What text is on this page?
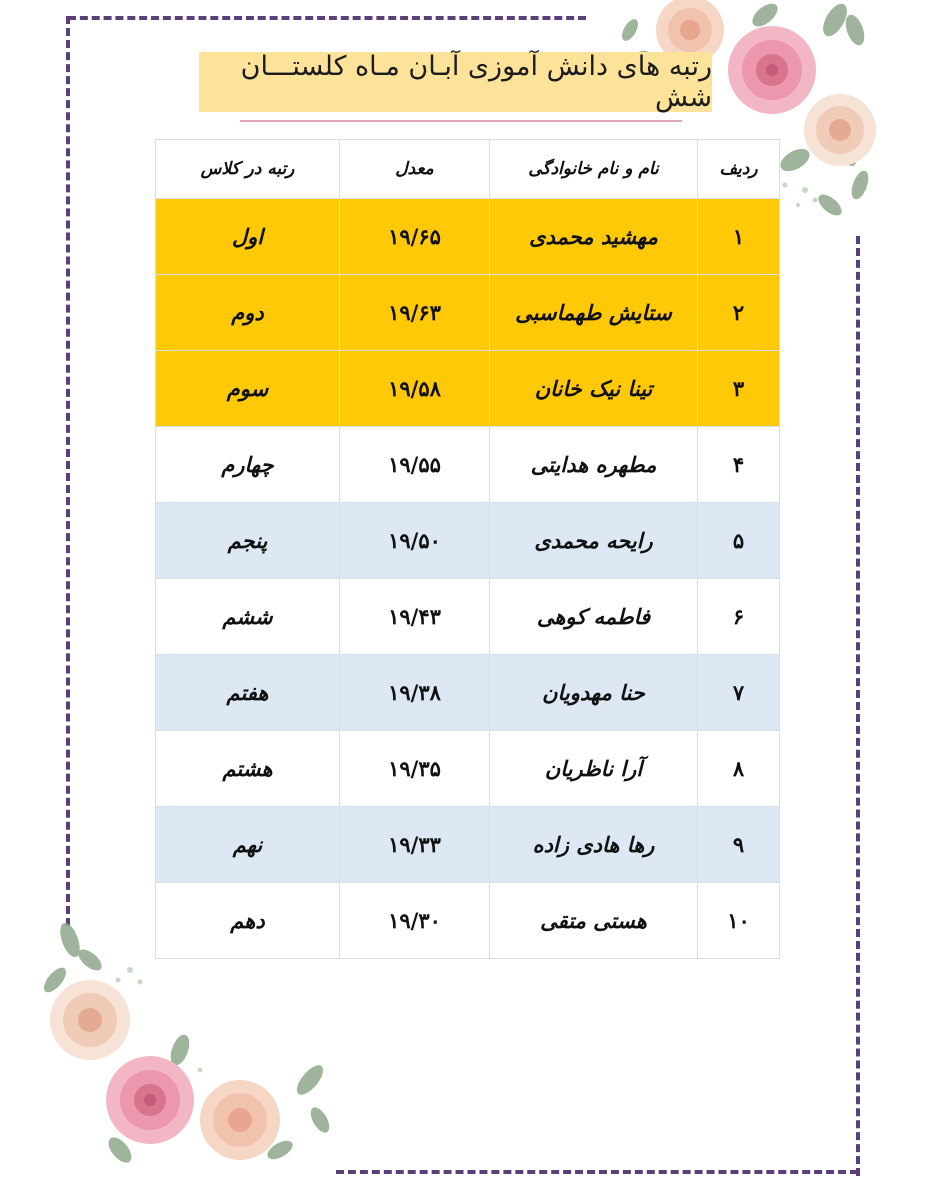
رتبه های دانش آموزی آبـان مـاه کلستـــان شش
ردیف	نام و نام خانوادگی	معدل	رتبه در کلاس
۱	مهشید محمدی	۱۹/۶۵	اول
۲	ستایش طهماسبی	۱۹/۶۳	دوم
۳	تینا نیک خانان	۱۹/۵۸	سوم
۴	مطهره هدایتی	۱۹/۵۵	چهارم
۵	رایحه محمدی	۱۹/۵۰	پنجم
۶	فاطمه کوهی	۱۹/۴۳	ششم
۷	حنا مهدویان	۱۹/۳۸	هفتم
۸	آرا ناظریان	۱۹/۳۵	هشتم
۹	رها هادی زاده	۱۹/۳۳	نهم
۱۰	هستی متقی	۱۹/۳۰	دهم
